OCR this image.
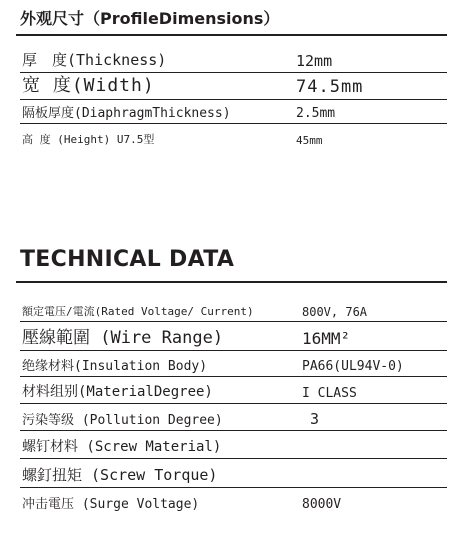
外观尺寸（ProfileDimensions）
厚　度(Thickness)	12mm
宽 度(Width)	74.5mm
隔板厚度(DiaphragmThickness)	2.5mm
高 度 (Height) U7.5型	45mm
TECHNICAL DATA
額定電压/電流(Rated Voltage/ Current)	800V, 76A
壓線範圍 (Wire Range)	16MM²
绝缘材料(Insulation Body)	PA66(UL94V-0)
材料组别(MaterialDegree)	I CLASS
污染等级 (Pollution Degree)	3
螺钉材料 (Screw Material)
螺釘扭矩 (Screw Torque)
冲击電压 (Surge Voltage)	8000V
